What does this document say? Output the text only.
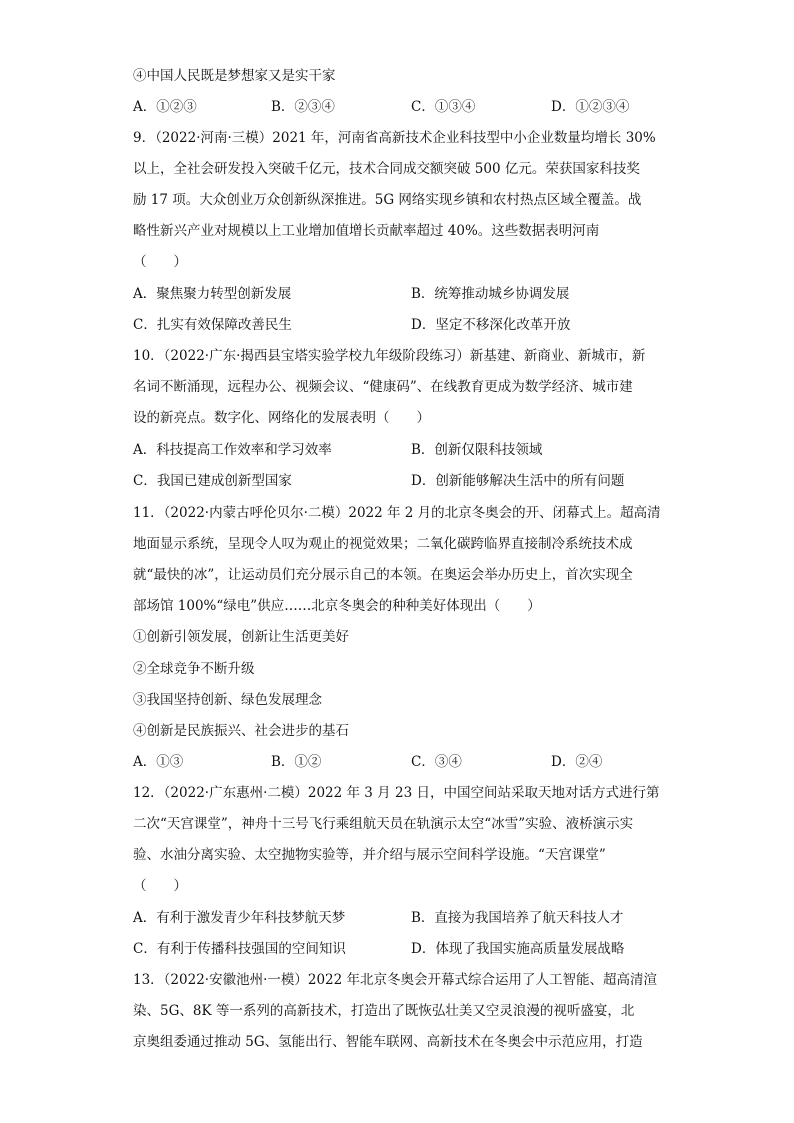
④中国人民既是梦想家又是实干家
A．①②③	B．②③④	C．①③④	D．①②③④
9．（2022·河南·三模）2021 年，河南省高新技术企业科技型中小企业数量均增长 30%
以上，全社会研发投入突破千亿元，技术合同成交额突破 500 亿元。荣获国家科技奖
励 17 项。大众创业万众创新纵深推进。5G 网络实现乡镇和农村热点区域全覆盖。战
略性新兴产业对规模以上工业增加值增长贡献率超过 40%。这些数据表明河南
（　　）
A．聚焦聚力转型创新发展	B．统筹推动城乡协调发展
C．扎实有效保障改善民生	D．坚定不移深化改革开放
10．（2022·广东·揭西县宝塔实验学校九年级阶段练习）新基建、新商业、新城市，新
名词不断涌现，远程办公、视频会议、“健康码”、在线教育更成为数学经济、城市建
设的新亮点。数字化、网络化的发展表明（　　）
A．科技提高工作效率和学习效率	B．创新仅限科技领域
C．我国已建成创新型国家	D．创新能够解决生活中的所有问题
11．（2022·内蒙古呼伦贝尔·二模）2022 年 2 月的北京冬奥会的开、闭幕式上。超高清
地面显示系统，呈现令人叹为观止的视觉效果；二氧化碳跨临界直接制冷系统技术成
就“最快的冰”，让运动员们充分展示自己的本领。在奥运会举办历史上，首次实现全
部场馆 100%“绿电”供应……北京冬奥会的种种美好体现出（　　）
①创新引领发展，创新让生活更美好
②全球竞争不断升级
③我国坚持创新、绿色发展理念
④创新是民族振兴、社会进步的基石
A．①③	B．①②	C．③④	D．②④
12．（2022·广东惠州·二模）2022 年 3 月 23 日，中国空间站采取天地对话方式进行第
二次“天宫课堂”，神舟十三号飞行乘组航天员在轨演示太空“冰雪”实验、液桥演示实
验、水油分离实验、太空抛物实验等，并介绍与展示空间科学设施。“天宫课堂”
（　　）
A．有利于激发青少年科技梦航天梦	B．直接为我国培养了航天科技人才
C．有利于传播科技强国的空间知识	D．体现了我国实施高质量发展战略
13．（2022·安徽池州·一模）2022 年北京冬奥会开幕式综合运用了人工智能、超高清渲
染、5G、8K 等一系列的高新技术，打造出了既恢弘壮美又空灵浪漫的视听盛宴，北
京奥组委通过推动 5G、氢能出行、智能车联网、高新技术在冬奥会中示范应用，打造
